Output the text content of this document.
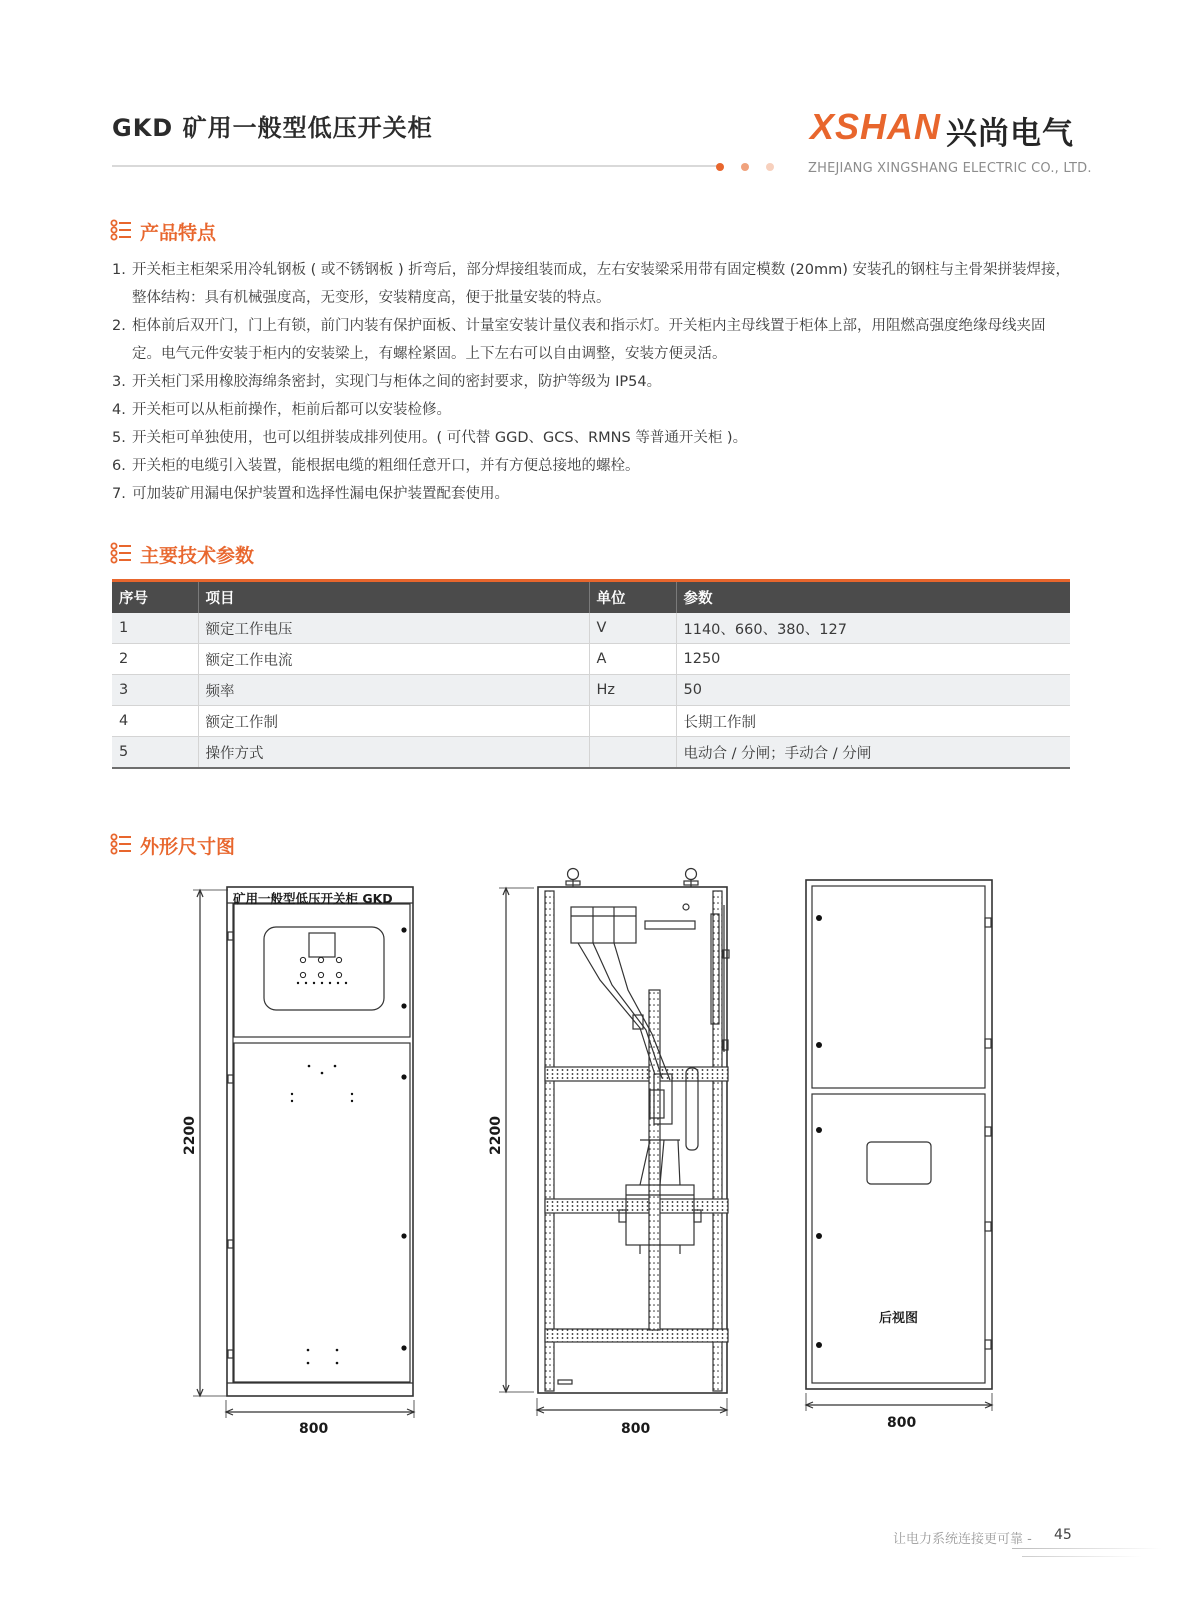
GKD 矿用一般型低压开关柜	XSHAN 兴尚电气
ZHEJIANG XINGSHANG ELECTRIC CO., LTD.
产品特点
1. 开关柜主柜架采用冷轧钢板 ( 或不锈钢板 ) 折弯后，部分焊接组装而成，左右安装梁采用带有固定模数 (20mm) 安装孔的钢柱与主骨架拼装焊接，整体结构：具有机械强度高，无变形，安装精度高，便于批量安装的特点。
2. 柜体前后双开门，门上有锁，前门内装有保护面板、计量室安装计量仪表和指示灯。开关柜内主母线置于柜体上部，用阻燃高强度绝缘母线夹固定。电气元件安装于柜内的安装梁上，有螺栓紧固。上下左右可以自由调整，安装方便灵活。
3. 开关柜门采用橡胶海绵条密封，实现门与柜体之间的密封要求，防护等级为 IP54。
4. 开关柜可以从柜前操作，柜前后都可以安装检修。
5. 开关柜可单独使用，也可以组拼装成排列使用。( 可代替 GGD、GCS、RMNS 等普通开关柜 )。
6. 开关柜的电缆引入装置，能根据电缆的粗细任意开口，并有方便总接地的螺栓。
7. 可加装矿用漏电保护装置和选择性漏电保护装置配套使用。
主要技术参数
序号	项目	单位	参数
1	额定工作电压	V	1140、660、380、127
2	额定工作电流	A	1250
3	频率	Hz	50
4	额定工作制		长期工作制
5	操作方式		电动合 / 分闸；手动合 / 分闸
外形尺寸图
矿用一般型低压开关柜 GKD
2200
800
2200
800
后视图
800
让电力系统连接更可靠 - 45
